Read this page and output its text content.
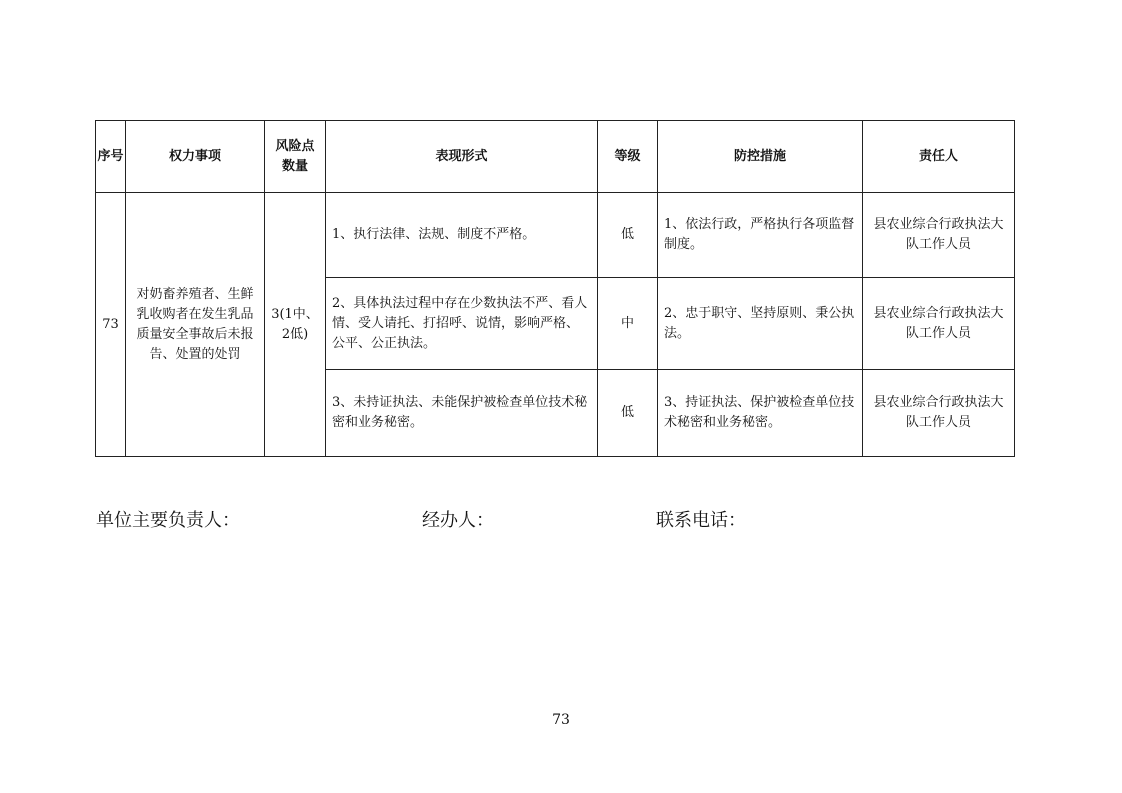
序号	权力事项	风险点数量	表现形式	等级	防控措施	责任人
73	对奶畜养殖者、生鲜乳收购者在发生乳品质量安全事故后未报告、处置的处罚	3(1中、2低)	1、执行法律、法规、制度不严格。	低	1、依法行政，严格执行各项监督制度。	县农业综合行政执法大队工作人员
			2、具体执法过程中存在少数执法不严、看人情、受人请托、打招呼、说情，影响严格、公平、公正执法。	中	2、忠于职守、坚持原则、秉公执法。	县农业综合行政执法大队工作人员
			3、未持证执法、未能保护被检查单位技术秘密和业务秘密。	低	3、持证执法、保护被检查单位技术秘密和业务秘密。	县农业综合行政执法大队工作人员
单位主要负责人：	经办人：	联系电话：
73
